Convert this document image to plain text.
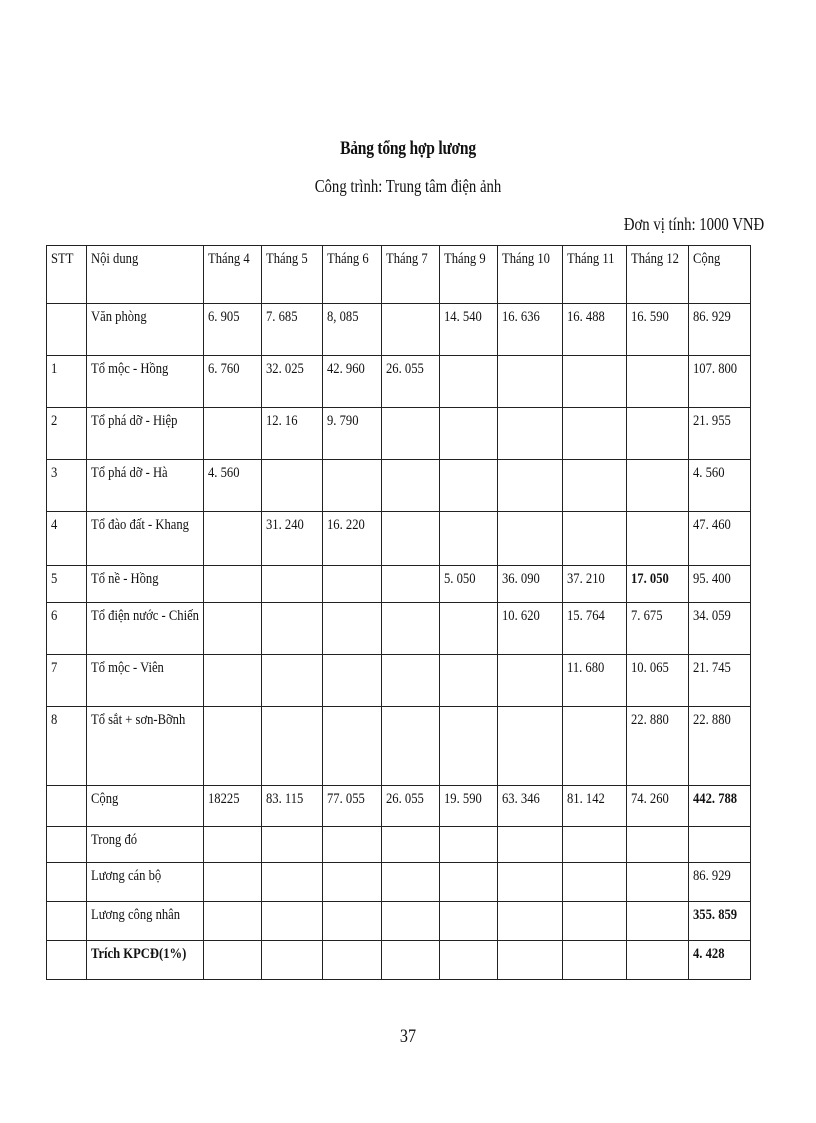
Bảng tổng hợp lương
Công trình: Trung tâm điện ảnh
Đơn vị tính: 1000 VNĐ
STT	Nội dung	Tháng 4	Tháng 5	Tháng 6	Tháng 7	Tháng 9	Tháng 10	Tháng 11	Tháng 12	Cộng
	Văn phòng	6. 905	7. 685	8, 085		14. 540	16. 636	16. 488	16. 590	86. 929
1	Tổ mộc - Hồng	6. 760	32. 025	42. 960	26. 055					107. 800
2	Tổ phá dỡ - Hiệp		12. 16	9. 790						21. 955
3	Tổ phá dỡ - Hà	4. 560								4. 560
4	Tổ đào đất - Khang		31. 240	16. 220						47. 460
5	Tổ nề - Hồng					5. 050	36. 090	37. 210	17. 050	95. 400
6	Tổ điện nước - Chiến						10. 620	15. 764	7. 675	34. 059
7	Tổ mộc - Viên							11. 680	10. 065	21. 745
8	Tổ sắt + sơn-Bỡnh								22. 880	22. 880
	Cộng	18225	83. 115	77. 055	26. 055	19. 590	63. 346	81. 142	74. 260	442. 788
	Trong đó									
	Lương cán bộ									86. 929
	Lương công nhân									355. 859
	Trích KPCĐ(1%)									4. 428
37
